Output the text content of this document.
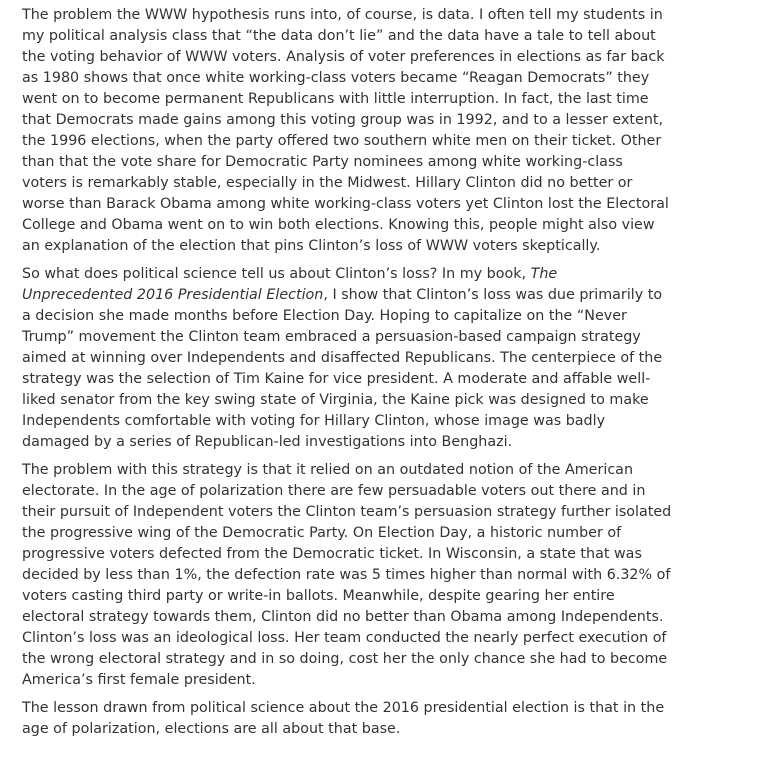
The problem the WWW hypothesis runs into, of course, is data. I often tell my students in my political analysis class that “the data don’t lie” and the data have a tale to tell about the voting behavior of WWW voters. Analysis of voter preferences in elections as far back as 1980 shows that once white working-class voters became “Reagan Democrats” they went on to become permanent Republicans with little interruption. In fact, the last time that Democrats made gains among this voting group was in 1992, and to a lesser extent, the 1996 elections, when the party offered two southern white men on their ticket. Other than that the vote share for Democratic Party nominees among white working-class voters is remarkably stable, especially in the Midwest. Hillary Clinton did no better or worse than Barack Obama among white working-class voters yet Clinton lost the Electoral College and Obama went on to win both elections. Knowing this, people might also view an explanation of the election that pins Clinton’s loss of WWW voters skeptically.

So what does political science tell us about Clinton’s loss? In my book, The Unprecedented 2016 Presidential Election, I show that Clinton’s loss was due primarily to a decision she made months before Election Day. Hoping to capitalize on the “Never Trump” movement the Clinton team embraced a persuasion-based campaign strategy aimed at winning over Independents and disaffected Republicans. The centerpiece of the strategy was the selection of Tim Kaine for vice president. A moderate and affable well-liked senator from the key swing state of Virginia, the Kaine pick was designed to make Independents comfortable with voting for Hillary Clinton, whose image was badly damaged by a series of Republican-led investigations into Benghazi.

The problem with this strategy is that it relied on an outdated notion of the American electorate. In the age of polarization there are few persuadable voters out there and in their pursuit of Independent voters the Clinton team’s persuasion strategy further isolated the progressive wing of the Democratic Party. On Election Day, a historic number of progressive voters defected from the Democratic ticket. In Wisconsin, a state that was decided by less than 1%, the defection rate was 5 times higher than normal with 6.32% of voters casting third party or write-in ballots. Meanwhile, despite gearing her entire electoral strategy towards them, Clinton did no better than Obama among Independents. Clinton’s loss was an ideological loss. Her team conducted the nearly perfect execution of the wrong electoral strategy and in so doing, cost her the only chance she had to become America’s first female president.

The lesson drawn from political science about the 2016 presidential election is that in the age of polarization, elections are all about that base.
